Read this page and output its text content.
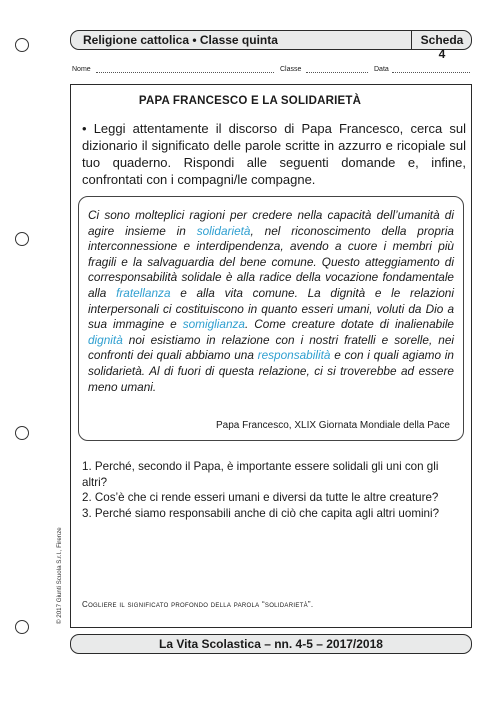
Religione cattolica • Classe quinta	Scheda 4
Nome	Classe	Data
PAPA FRANCESCO E LA SOLIDARIETÀ
• Leggi attentamente il discorso di Papa Francesco, cerca sul dizionario il significato delle parole scritte in azzurro e ricopiale sul tuo quaderno. Rispondi alle seguenti domande e, infine, confrontati con i compagni/le compagne.
Ci sono molteplici ragioni per credere nella capacità dell’umanità di agire insieme in solidarietà, nel riconoscimento della propria interconnessione e interdipendenza, avendo a cuore i membri più fragili e la salvaguardia del bene comune. Questo atteggiamento di corresponsabilità solidale è alla radice della vocazione fondamentale alla fratellanza e alla vita comune. La dignità e le relazioni interpersonali ci costituiscono in quanto esseri umani, voluti da Dio a sua immagine e somiglianza. Come creature dotate di inalienabile dignità noi esistiamo in relazione con i nostri fratelli e sorelle, nei confronti dei quali abbiamo una responsabilità e con i quali agiamo in solidarietà. Al di fuori di questa relazione, ci si troverebbe ad essere meno umani.
Papa Francesco, XLIX Giornata Mondiale della Pace

1. Perché, secondo il Papa, è importante essere solidali gli uni con gli altri?

2. Cos’è che ci rende esseri umani e diversi da tutte le altre creature?

3. Perché siamo responsabili anche di ciò che capita agli altri uomini?

Cogliere il significato profondo della parola “solidarietà”.
La Vita Scolastica – nn. 4-5 – 2017/2018
© 2017 Giunti Scuola S.r.l., Firenze
